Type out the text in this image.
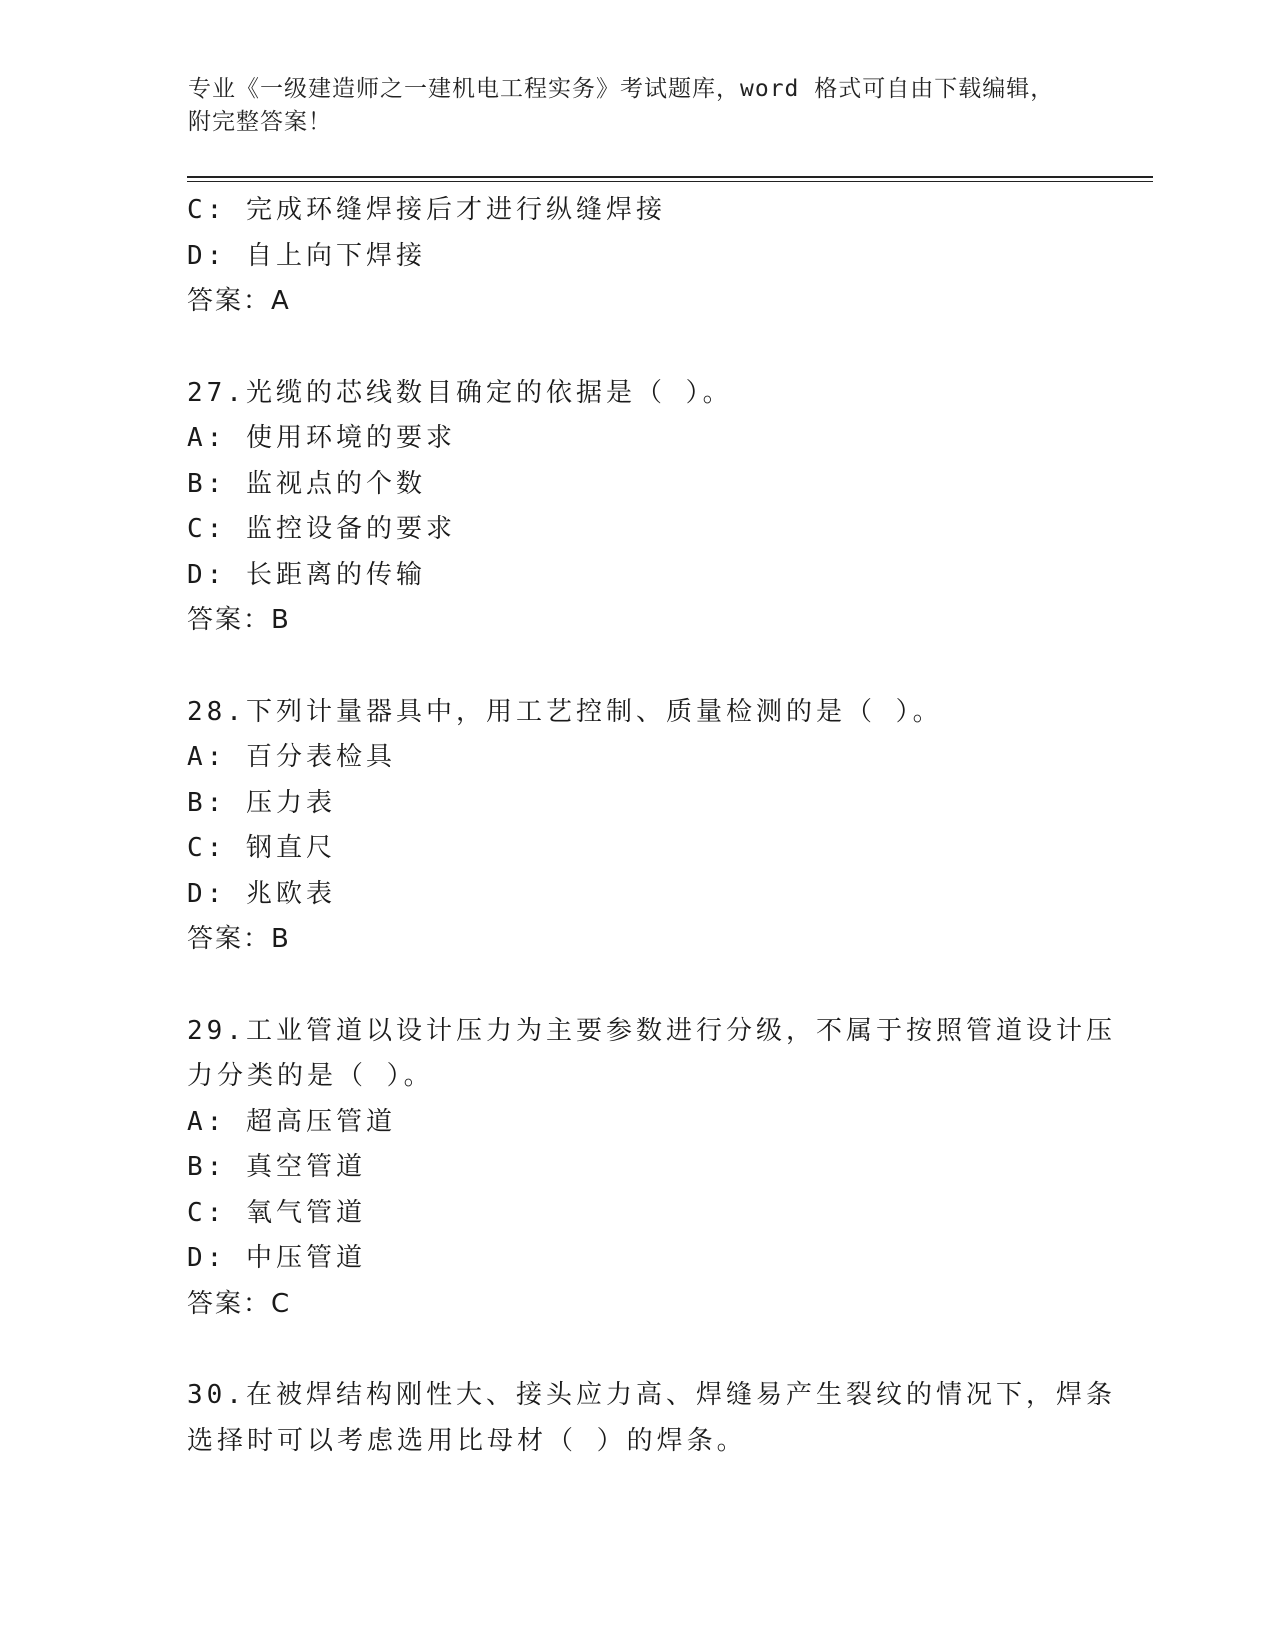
专业《一级建造师之一建机电工程实务》考试题库，word 格式可自由下载编辑，
附完整答案！
C: 完成环缝焊接后才进行纵缝焊接
D: 自上向下焊接
答案：A
27.光缆的芯线数目确定的依据是（ ）。
A: 使用环境的要求
B: 监视点的个数
C: 监控设备的要求
D: 长距离的传输
答案：B
28.下列计量器具中，用工艺控制、质量检测的是（ ）。
A: 百分表检具
B: 压力表
C: 钢直尺
D: 兆欧表
答案：B
29.工业管道以设计压力为主要参数进行分级，不属于按照管道设计压
力分类的是（ ）。
A: 超高压管道
B: 真空管道
C: 氧气管道
D: 中压管道
答案：C
30.在被焊结构刚性大、接头应力高、焊缝易产生裂纹的情况下，焊条
选择时可以考虑选用比母材（ ）的焊条。
